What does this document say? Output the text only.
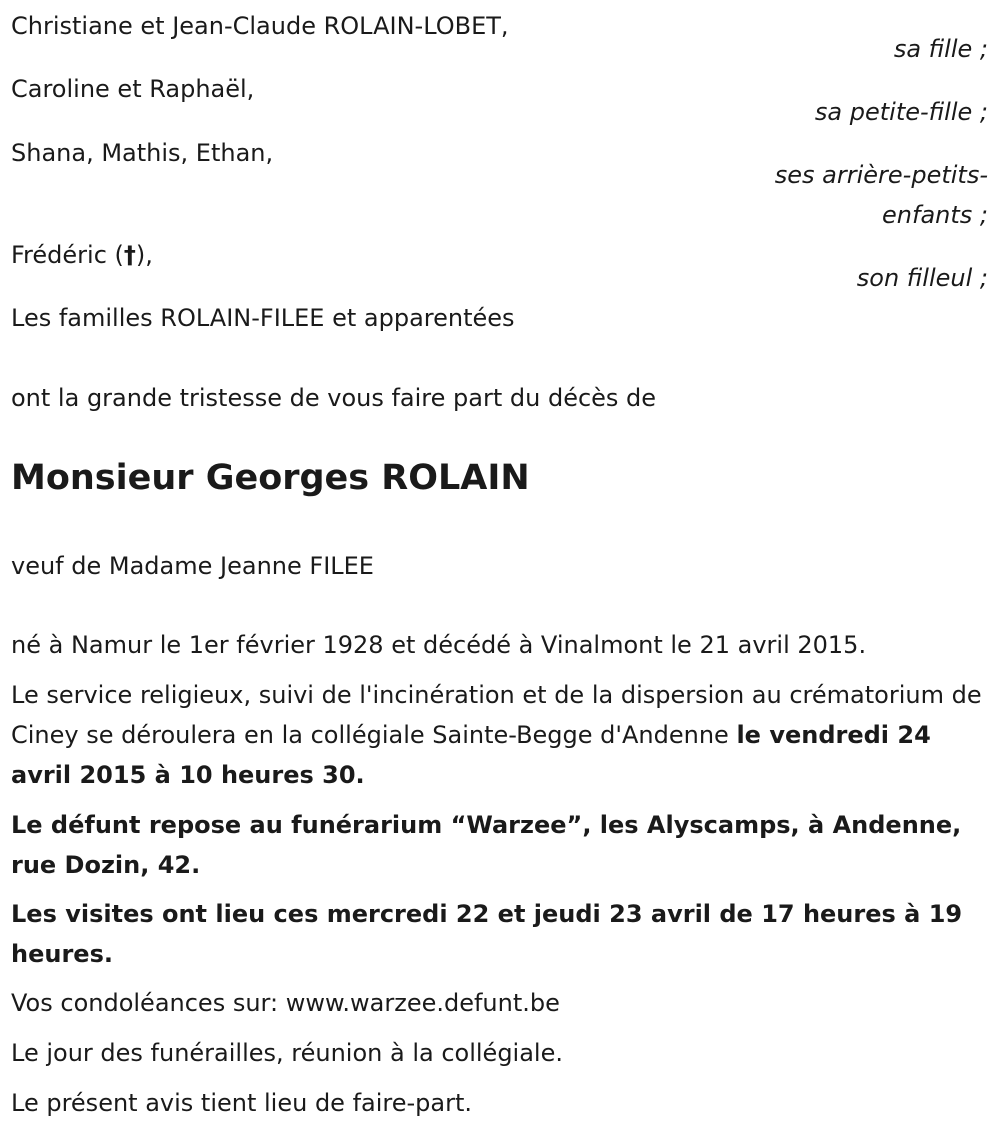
Christiane et Jean-Claude ROLAIN-LOBET,
sa fille ;
Caroline et Raphaël,
sa petite-fille ;
Shana, Mathis, Ethan,
ses arrière-petits-
enfants ;
Frédéric (†),
son filleul ;
Les familles ROLAIN-FILEE et apparentées
ont la grande tristesse de vous faire part du décès de
Monsieur Georges ROLAIN
veuf de Madame Jeanne FILEE
né à Namur le 1er février 1928 et décédé à Vinalmont le 21 avril 2015.
Le service religieux, suivi de l'incinération et de la dispersion au crématorium de Ciney se déroulera en la collégiale Sainte-Begge d'Andenne le vendredi 24 avril 2015 à 10 heures 30.
Le défunt repose au funérarium “Warzee”, les Alyscamps, à Andenne, rue Dozin, 42.
Les visites ont lieu ces mercredi 22 et jeudi 23 avril de 17 heures à 19 heures.
Vos condoléances sur: www.warzee.defunt.be
Le jour des funérailles, réunion à la collégiale.
Le présent avis tient lieu de faire-part.
